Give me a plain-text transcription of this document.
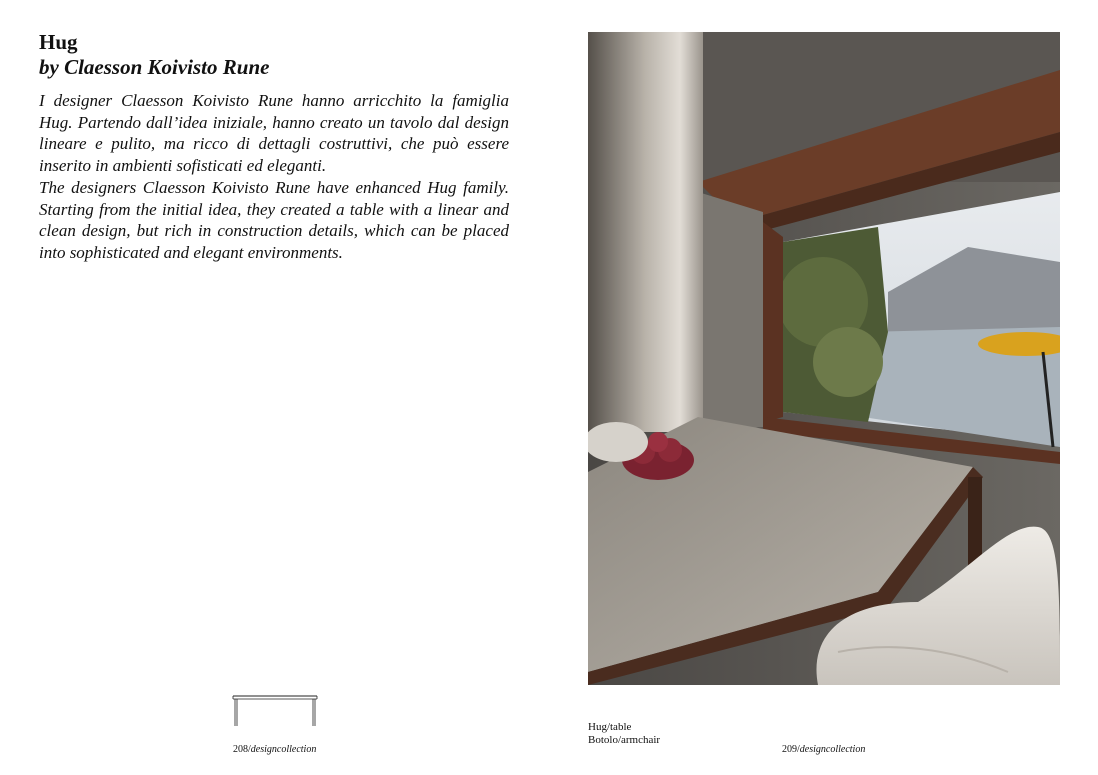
Hug
by Claesson Koivisto Rune
I designer Claesson Koivisto Rune hanno arricchito la famiglia Hug. Partendo dall’idea iniziale, hanno creato un tavolo dal design lineare e pulito, ma ricco di dettagli costruttivi, che può essere inserito in ambienti sofisticati ed eleganti.
The designers Claesson Koivisto Rune have enhanced Hug family. Starting from the initial idea, they created a table with a linear and clean design, but rich in construction details, which can be placed into sophisticated and elegant environments.
208/designcollection
Hug/table
Botolo/armchair
209/designcollection
